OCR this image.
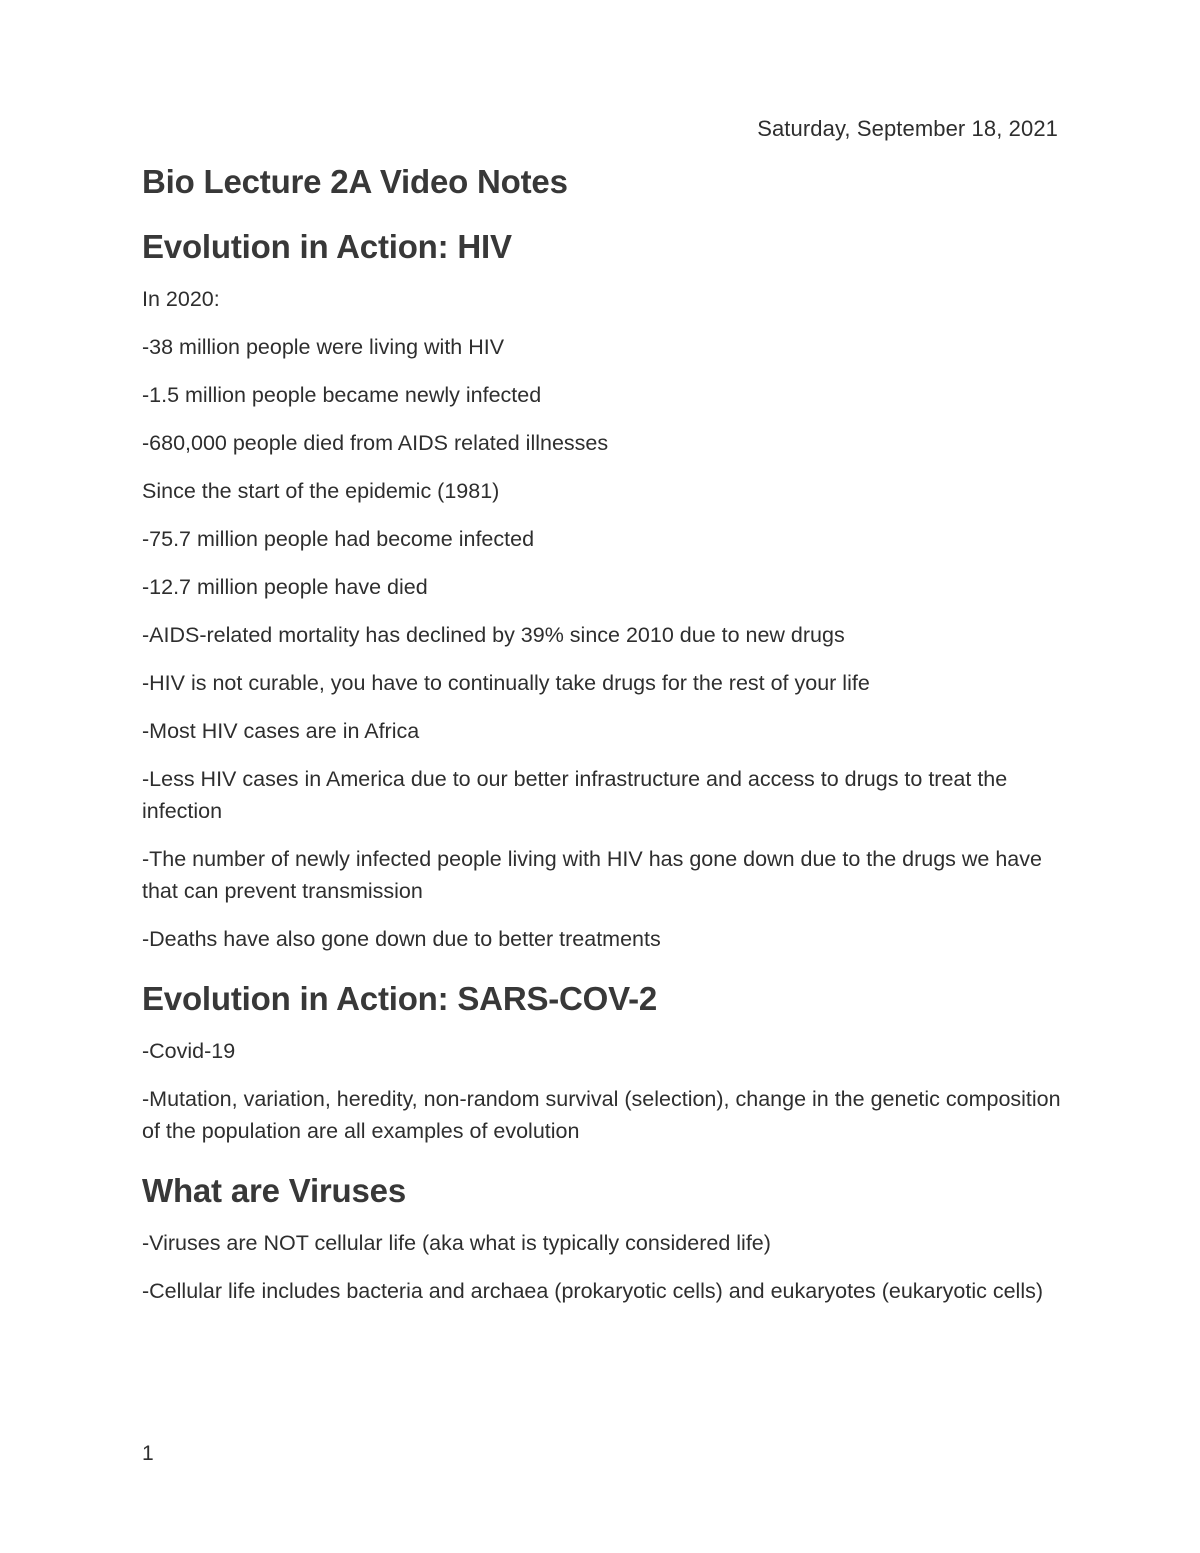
Saturday, September 18, 2021
Bio Lecture 2A Video Notes
Evolution in Action: HIV

In 2020:

-38 million people were living with HIV

-1.5 million people became newly infected

-680,000 people died from AIDS related illnesses

Since the start of the epidemic (1981)

-75.7 million people had become infected

-12.7 million people have died

-AIDS-related mortality has declined by 39% since 2010 due to new drugs

-HIV is not curable, you have to continually take drugs for the rest of your life

-Most HIV cases are in Africa

-Less HIV cases in America due to our better infrastructure and access to drugs to treat the infection

-The number of newly infected people living with HIV has gone down due to the drugs we have that can prevent transmission

-Deaths have also gone down due to better treatments

Evolution in Action: SARS-COV-2

-Covid-19

-Mutation, variation, heredity, non-random survival (selection), change in the genetic composition of the population are all examples of evolution

What are Viruses

-Viruses are NOT cellular life (aka what is typically considered life)

-Cellular life includes bacteria and archaea (prokaryotic cells) and eukaryotes (eukaryotic cells)

1
